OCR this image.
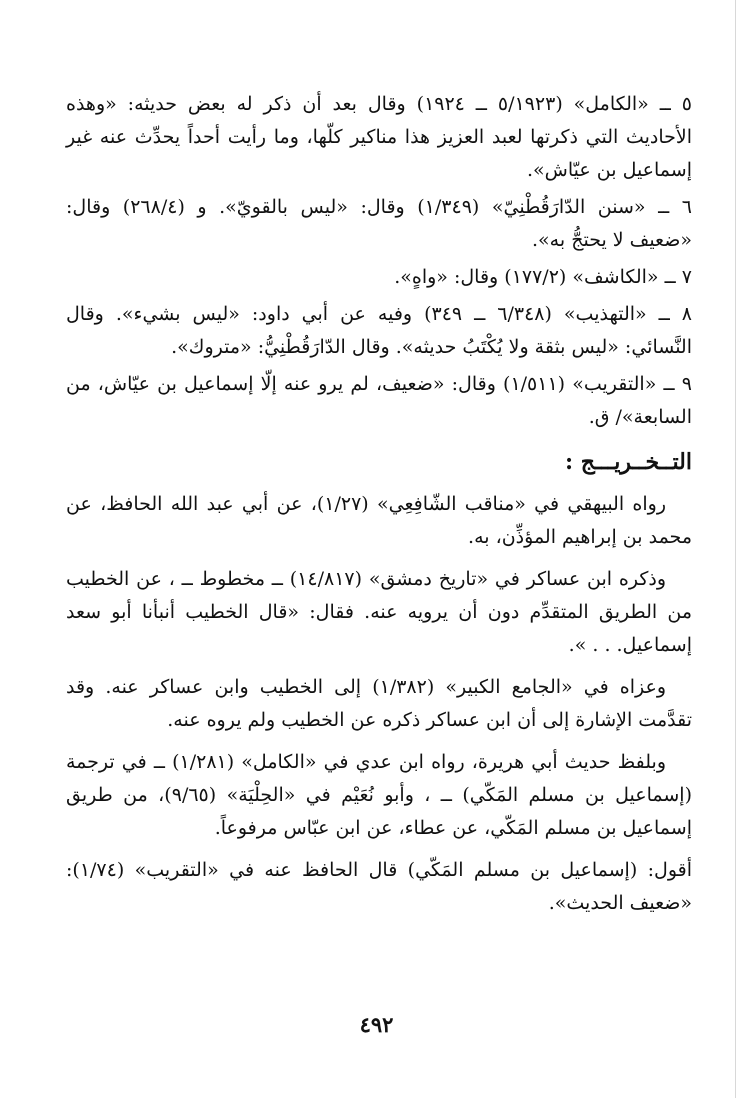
٥ ــ «الكامل» (٥/١٩٢٣ ــ ١٩٢٤) وقال بعد أن ذكر له بعض حديثه: «وهذه الأحاديث التي ذكرتها لعبد العزيز هذا مناكير كلّها، وما رأيت أحداً يحدِّث عنه غير إسماعيل بن عيّاش».

٦ ــ «سنن الدّارَقُطْنِيّ» (١/٣٤٩) وقال: «ليس بالقويّ». و (٢٦٨/٤) وقال: «ضعيف لا يحتجُّ به».

٧ ــ «الكاشف» (١٧٧/٢) وقال: «واهٍ».

٨ ــ «التهذيب» (٦/٣٤٨ ــ ٣٤٩) وفيه عن أبي داود: «ليس بشيء». وقال النَّسائي: «ليس بثقة ولا يُكْتَبُ حديثه». وقال الدّارَقُطْنِيُّ: «متروك».

٩ ــ «التقريب» (١/٥١١) وقال: «ضعيف، لم يرو عنه إلّا إسماعيل بن عيّاش، من السابعة»/ ق.

التــخــريـــج :

رواه البيهقي في «مناقب الشّافِعِي» (١/٢٧)، عن أبي عبد الله الحافظ، عن محمد بن إبراهيم المؤذِّن، به.

وذكره ابن عساكر في «تاريخ دمشق» (١٤/٨١٧) ــ مخطوط ــ ، عن الخطيب من الطريق المتقدِّم دون أن يرويه عنه. فقال: «قال الخطيب أنبأنا أبو سعد إسماعيل. . . ».

وعزاه في «الجامع الكبير» (١/٣٨٢) إلى الخطيب وابن عساكر عنه. وقد تقدَّمت الإشارة إلى أن ابن عساكر ذكره عن الخطيب ولم يروه عنه.

وبلفظ حديث أبي هريرة، رواه ابن عدي في «الكامل» (١/٢٨١) ــ في ترجمة (إسماعيل بن مسلم المَكّي) ــ ، وأبو نُعَيْم في «الحِلْيَة» (٩/٦٥)، من طريق إسماعيل بن مسلم المَكّي، عن عطاء، عن ابن عبّاس مرفوعاً.

أقول: (إسماعيل بن مسلم المَكّي) قال الحافظ عنه في «التقريب» (١/٧٤): «ضعيف الحديث».

٤٩٢
